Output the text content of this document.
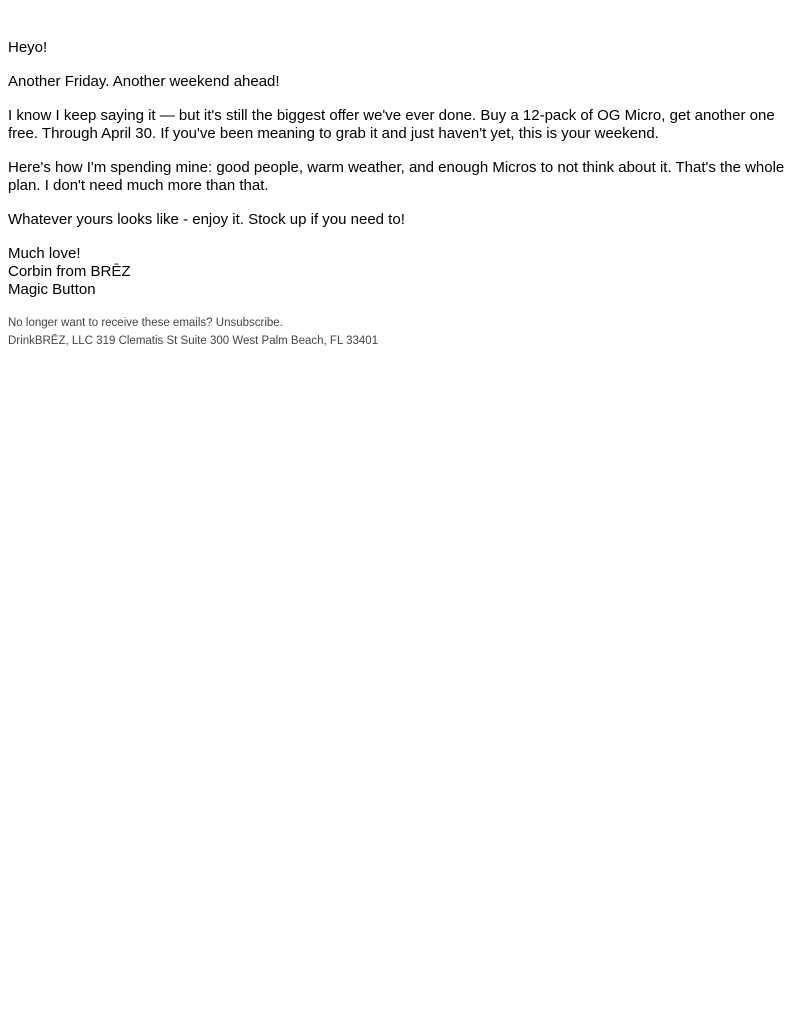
Heyo!

Another Friday. Another weekend ahead!

I know I keep saying it — but it's still the biggest offer we've ever done. Buy a 12-pack of OG Micro, get another one free. Through April 30. If you've been meaning to grab it and just haven't yet, this is your weekend.

Here's how I'm spending mine: good people, warm weather, and enough Micros to not think about it. That's the whole plan. I don't need much more than that.

Whatever yours looks like - enjoy it. Stock up if you need to!

Much love!
Corbin from BRĒZ
Magic Button

No longer want to receive these emails? Unsubscribe.

DrinkBRĒZ, LLC 319 Clematis St Suite 300 West Palm Beach, FL 33401
